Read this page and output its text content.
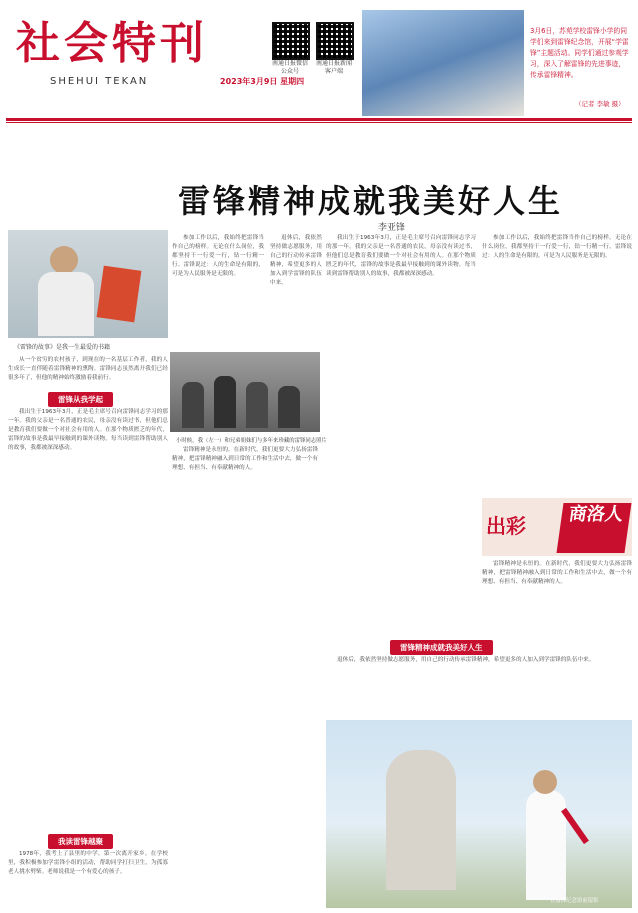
社会特刊
SHEHUI TEKAN	2023年3月9日 星期四
南通日报微信公众号
南通日报新闻客户端
3月6日，苏苑学校雷锋小学的同学们来到雷锋纪念馆，开展“学雷锋”主题活动。同学们通过参观学习，深入了解雷锋的先进事迹，传承雷锋精神。
（记者 李敏 摄）
雷锋精神成就我美好人生
李亚锋
《雷锋的故事》是我一生最爱的书籍

从一个贫穷的农村孩子，到现在的一名基层工作者，我的人生成长一直伴随着雷锋精神的熏陶。雷锋同志虽然离开我们已经很多年了，但他的精神始终激励着我前行。

雷锋从我学起

我出生于1963年3月，正是毛主席号召向雷锋同志学习的那一年。我的父亲是一名普通的农民，母亲没有读过书，但他们总是教育我们要做一个对社会有用的人。在那个物质匮乏的年代，雷锋的故事是我最早接触到的课外读物。每当读到雷锋帮助别人的故事，我都被深深感动。

我读雷锋越聚

1978年，我考上了县里的中学，第一次离开家乡。在学校里，我积极参加学雷锋小组的活动，帮助同学打扫卫生，为孤寡老人挑水劈柴。老师说我是一个有爱心的孩子。

参加工作以后，我始终把雷锋当作自己的榜样。无论在什么岗位，我都坚持干一行爱一行，钻一行精一行。雷锋说过：人的生命是有限的，可是为人民服务是无限的。

退休后，我依然坚持做志愿服务，用自己的行动传承雷锋精神，希望更多的人加入到学雷锋的队伍中来。

小时候，我（左一）和兄弟姐妹们与多年来珍藏的雷锋同志照片

雷锋精神是永恒的。在新时代，我们更要大力弘扬雷锋精神，把雷锋精神融入到日常的工作和生活中去，做一个有理想、有担当、有奉献精神的人。

我出生于1963年3月，正是毛主席号召向雷锋同志学习的那一年。我的父亲是一名普通的农民，母亲没有读过书，但他们总是教育我们要做一个对社会有用的人。在那个物质匮乏的年代，雷锋的故事是我最早接触到的课外读物。每当读到雷锋帮助别人的故事，我都被深深感动。

参加工作以后，我始终把雷锋当作自己的榜样。无论在什么岗位，我都坚持干一行爱一行，钻一行精一行。雷锋说过：人的生命是有限的，可是为人民服务是无限的。

出彩	商洛人

雷锋精神是永恒的。在新时代，我们更要大力弘扬雷锋精神，把雷锋精神融入到日常的工作和生活中去，做一个有理想、有担当、有奉献精神的人。

雷锋精神成就我美好人生

退休后，我依然坚持做志愿服务，用自己的行动传承雷锋精神，希望更多的人加入到学雷锋的队伍中来。

在雷锋纪念馆前留影
